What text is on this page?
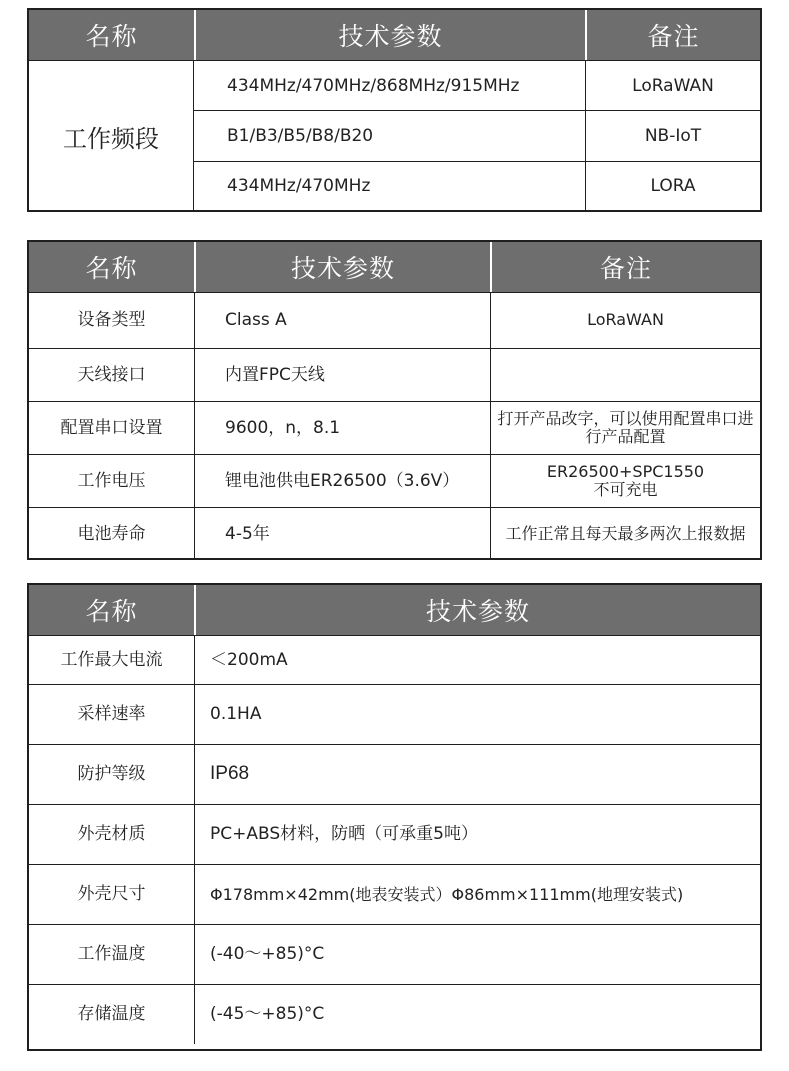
名称	技术参数	备注
工作频段
434MHz/470MHz/868MHz/915MHz	LoRaWAN
B1/B3/B5/B8/B20	NB-IoT
434MHz/470MHz	LORA
名称	技术参数	备注
设备类型	Class A	LoRaWAN
天线接口	内置FPC天线
配置串口设置	9600，n，8.1	打开产品改字，可以使用配置串口进行产品配置
工作电压	锂电池供电ER26500（3.6V）	ER26500+SPC1550
不可充电
电池寿命	4-5年	工作正常且每天最多两次上报数据
名称	技术参数
工作最大电流	＜200mA
采样速率	0.1HA
防护等级	IP68
外壳材质	PC+ABS材料，防晒（可承重5吨）
外壳尺寸	Φ178mm×42mm(地表安装式）Φ86mm×111mm(地理安装式)
工作温度	(-40～+85)°C
存储温度	(-45～+85)°C
